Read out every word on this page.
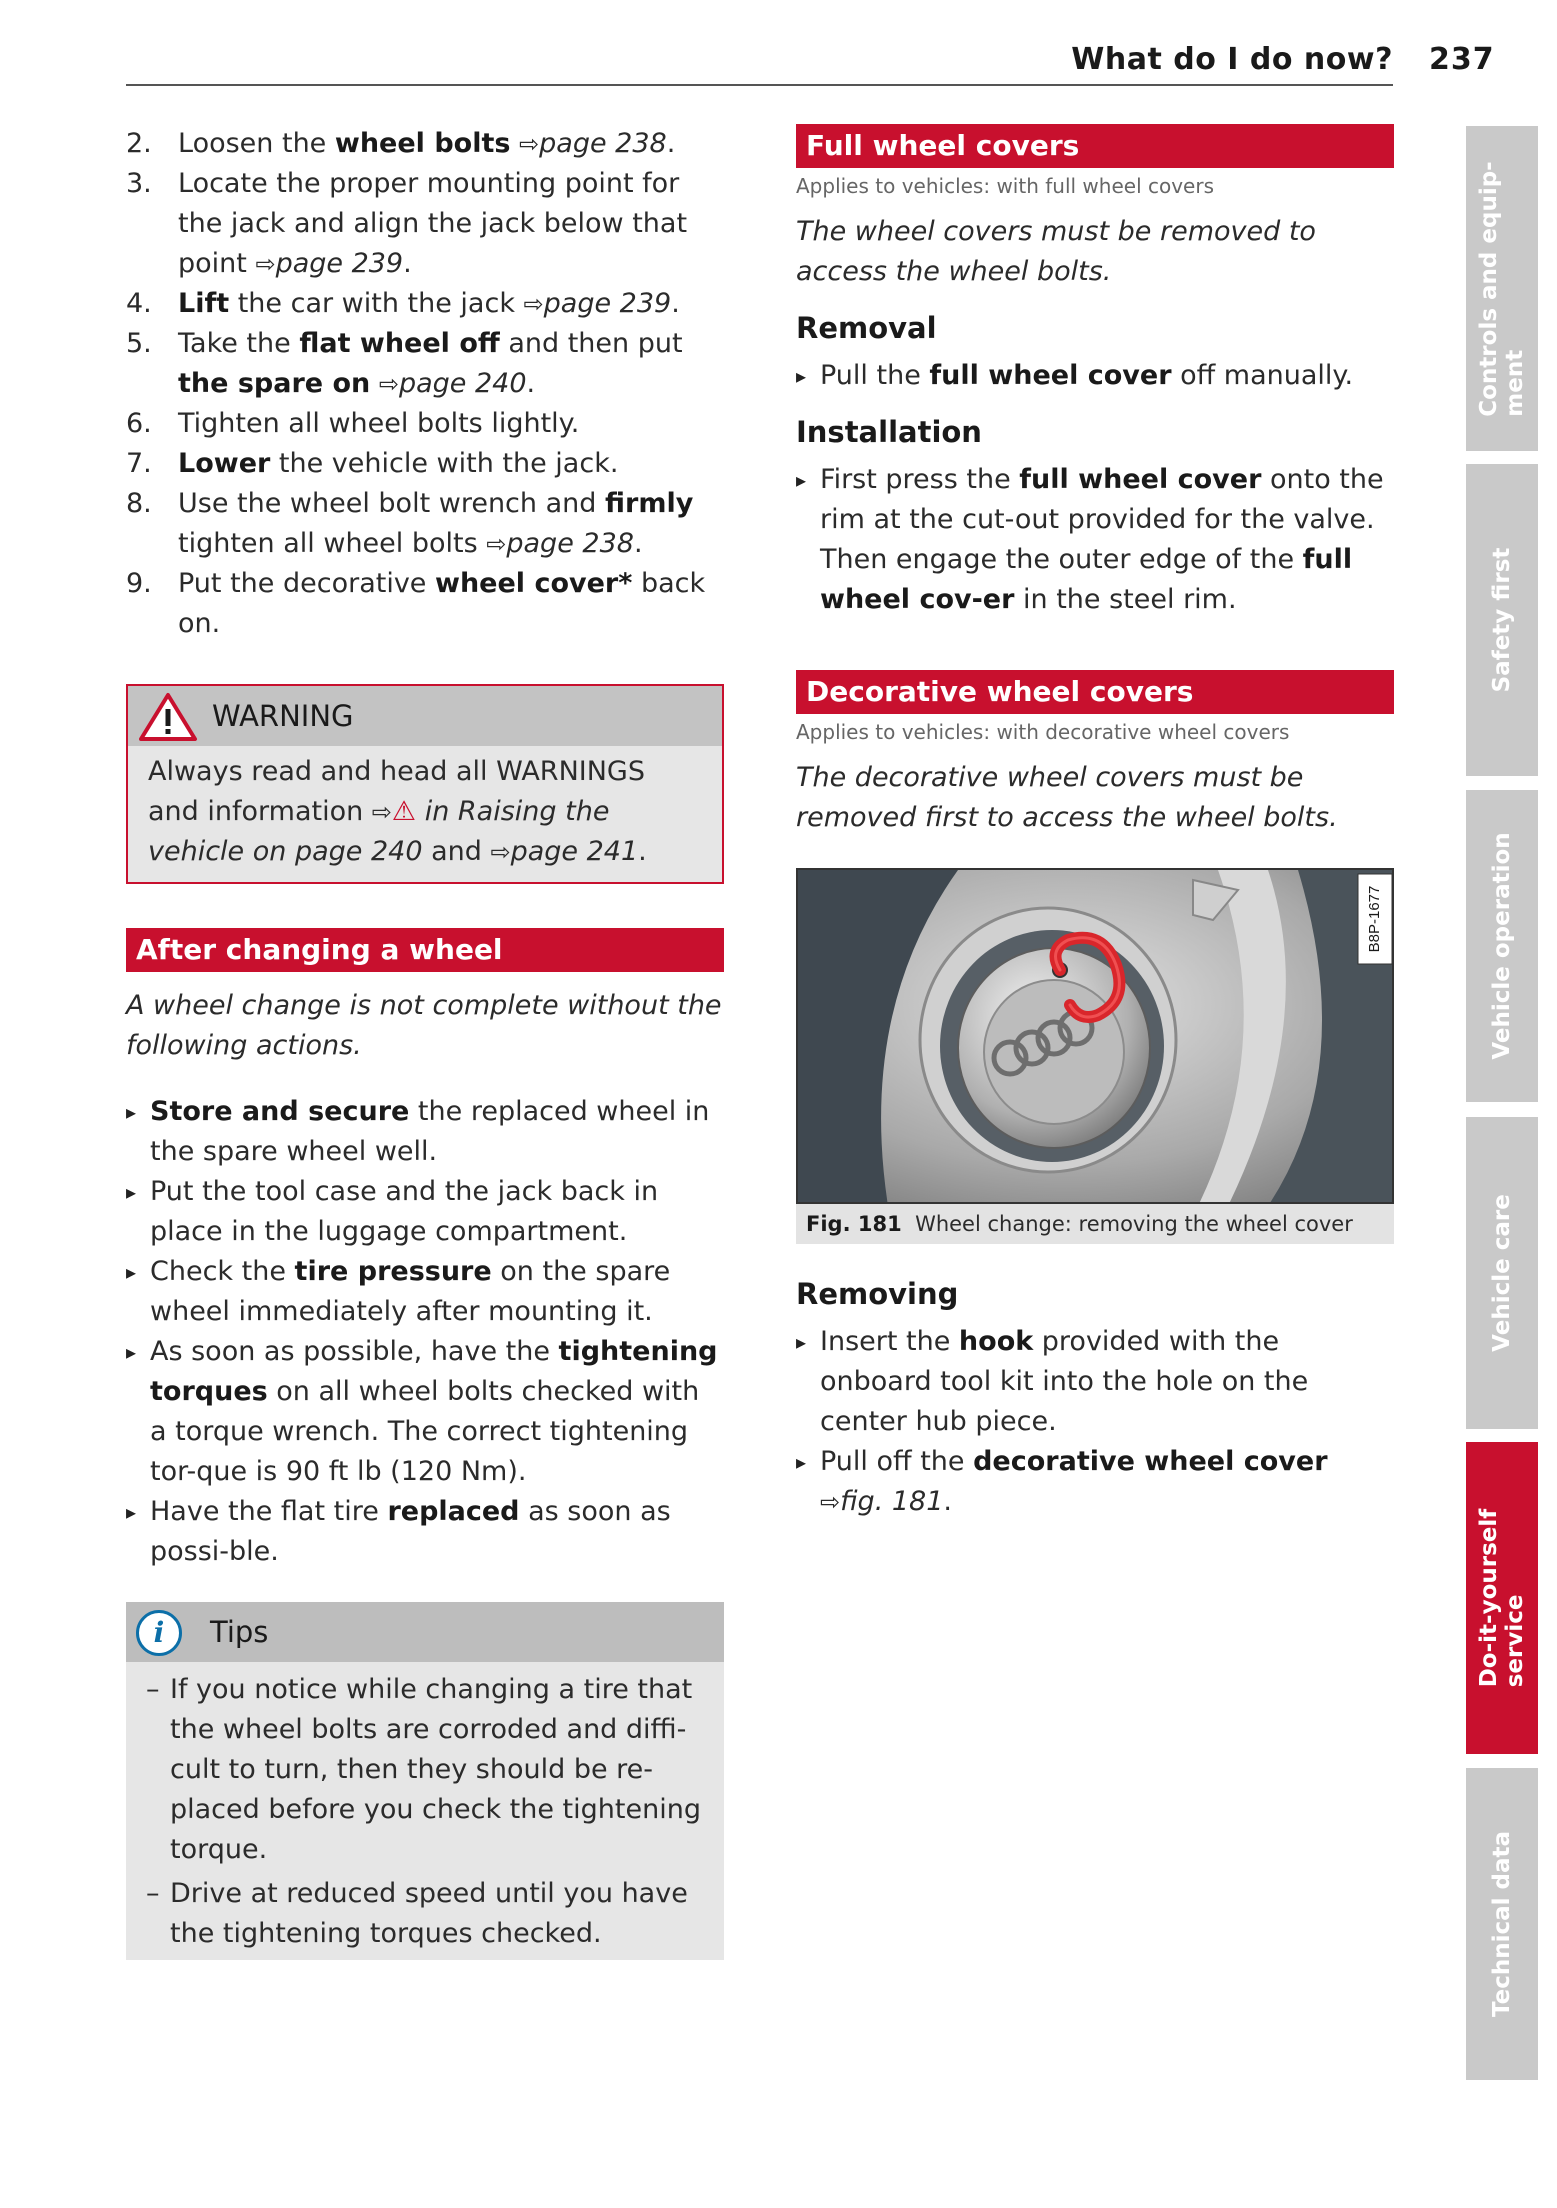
What do I do now? 237
2. Loosen the wheel bolts ⇨page 238.
3. Locate the proper mounting point for the jack and align the jack below that point ⇨page 239.
4. Lift the car with the jack ⇨page 239.
5. Take the flat wheel off and then put the spare on ⇨page 240.
6. Tighten all wheel bolts lightly.
7. Lower the vehicle with the jack.
8. Use the wheel bolt wrench and firmly tighten all wheel bolts ⇨page 238.
9. Put the decorative wheel cover* back on.
WARNING
Always read and head all WARNINGS and information ⇨⚠ in Raising the vehicle on page 240 and ⇨page 241.
After changing a wheel

A wheel change is not complete without the following actions.

▸ Store and secure the replaced wheel in the spare wheel well.
▸ Put the tool case and the jack back in place in the luggage compartment.
▸ Check the tire pressure on the spare wheel immediately after mounting it.
▸ As soon as possible, have the tightening torques on all wheel bolts checked with a torque wrench. The correct tightening tor-que is 90 ft lb (120 Nm).
▸ Have the flat tire replaced as soon as possi-ble.
i	Tips
– If you notice while changing a tire that the wheel bolts are corroded and diffi-cult to turn, then they should be re-placed before you check the tightening torque.
– Drive at reduced speed until you have the tightening torques checked.
Full wheel covers
Applies to vehicles: with full wheel covers

The wheel covers must be removed to access the wheel bolts.

Removal
▸ Pull the full wheel cover off manually.
Installation
▸ First press the full wheel cover onto the rim at the cut-out provided for the valve. Then engage the outer edge of the full wheel cov-er in the steel rim.
Decorative wheel covers
Applies to vehicles: with decorative wheel covers

The decorative wheel covers must be removed first to access the wheel bolts.

B8P-1677
Fig. 181 Wheel change: removing the wheel cover
Removing
▸ Insert the hook provided with the onboard tool kit into the hole on the center hub piece.
▸ Pull off the decorative wheel cover ⇨fig. 181.
Controls and equip-
ment
Safety first
Vehicle operation
Vehicle care
Do-it-yourself
service
Technical data
